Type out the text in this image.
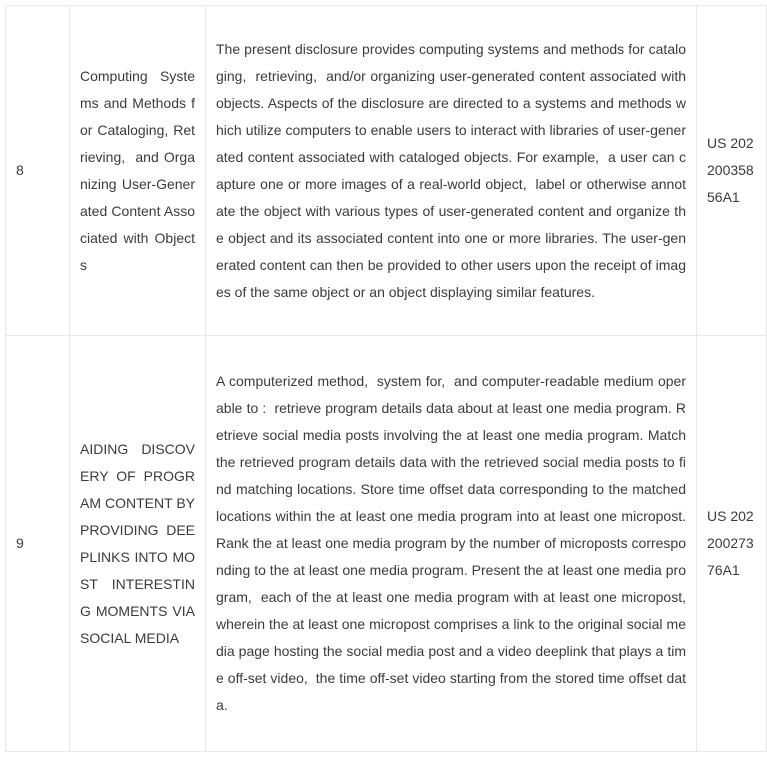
8	Computing Systems and Methods for Cataloging, Retrieving,  and Organizing User-Generated Content Associated with Objects	The present disclosure provides computing systems and methods for cataloging,  retrieving,  and/or organizing user-generated content associated with objects. Aspects of the disclosure are directed to a systems and methods which utilize computers to enable users to interact with libraries of user-generated content associated with cataloged objects. For example,  a user can capture one or more images of a real-world object,  label or otherwise annotate the object with various types of user-generated content and organize the object and its associated content into one or more libraries. The user-generated content can then be provided to other users upon the receipt of images of the same object or an object displaying similar features.	US 20220035856A1
9	AIDING DISCOVERY OF PROGRAM CONTENT BY PROVIDING DEEPLINKS INTO MOST INTERESTING MOMENTS VIA SOCIAL MEDIA	A computerized method,  system for,  and computer-readable medium operable to :  retrieve program details data about at least one media program. Retrieve social media posts involving the at least one media program. Match the retrieved program details data with the retrieved social media posts to find matching locations. Store time offset data corresponding to the matched locations within the at least one media program into at least one micropost. Rank the at least one media program by the number of microposts corresponding to the at least one media program. Present the at least one media program,  each of the at least one media program with at least one micropost,  wherein the at least one micropost comprises a link to the original social media page hosting the social media post and a video deeplink that plays a time off-set video,  the time off-set video starting from the stored time offset data.	US 20220027376A1
